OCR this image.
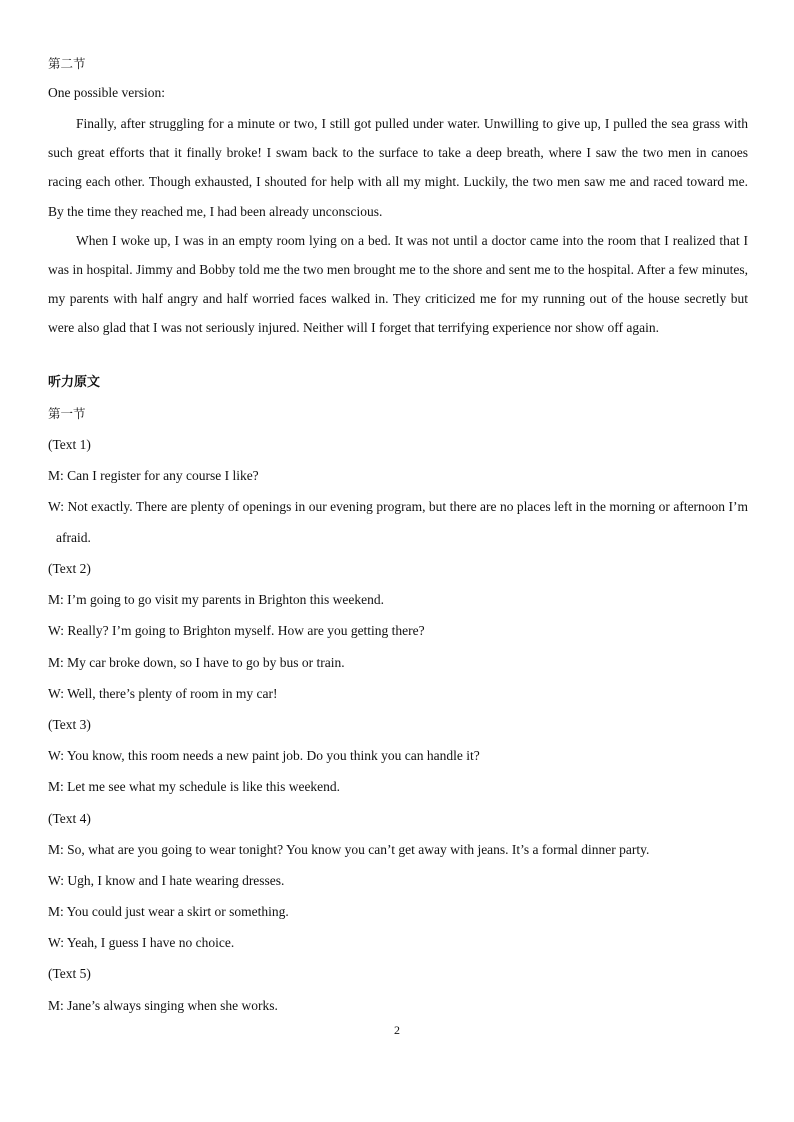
第二节
One possible version:

Finally, after struggling for a minute or two, I still got pulled under water. Unwilling to give up, I pulled the sea grass with such great efforts that it finally broke! I swam back to the surface to take a deep breath, where I saw the two men in canoes racing each other. Though exhausted, I shouted for help with all my might. Luckily, the two men saw me and raced toward me. By the time they reached me, I had been already unconscious.

When I woke up, I was in an empty room lying on a bed. It was not until a doctor came into the room that I realized that I was in hospital. Jimmy and Bobby told me the two men brought me to the shore and sent me to the hospital. After a few minutes, my parents with half angry and half worried faces walked in. They criticized me for my running out of the house secretly but were also glad that I was not seriously injured. Neither will I forget that terrifying experience nor show off again.

听力原文
第一节
(Text 1)
M: Can I register for any course I like?
W: Not exactly. There are plenty of openings in our evening program, but there are no places left in the morning or afternoon I’m afraid.
(Text 2)
M: I’m going to go visit my parents in Brighton this weekend.
W: Really? I’m going to Brighton myself. How are you getting there?
M: My car broke down, so I have to go by bus or train.
W: Well, there’s plenty of room in my car!
(Text 3)
W: You know, this room needs a new paint job. Do you think you can handle it?
M: Let me see what my schedule is like this weekend.
(Text 4)
M: So, what are you going to wear tonight? You know you can’t get away with jeans. It’s a formal dinner party.
W: Ugh, I know and I hate wearing dresses.
M: You could just wear a skirt or something.
W: Yeah, I guess I have no choice.
(Text 5)
M: Jane’s always singing when she works.
2
